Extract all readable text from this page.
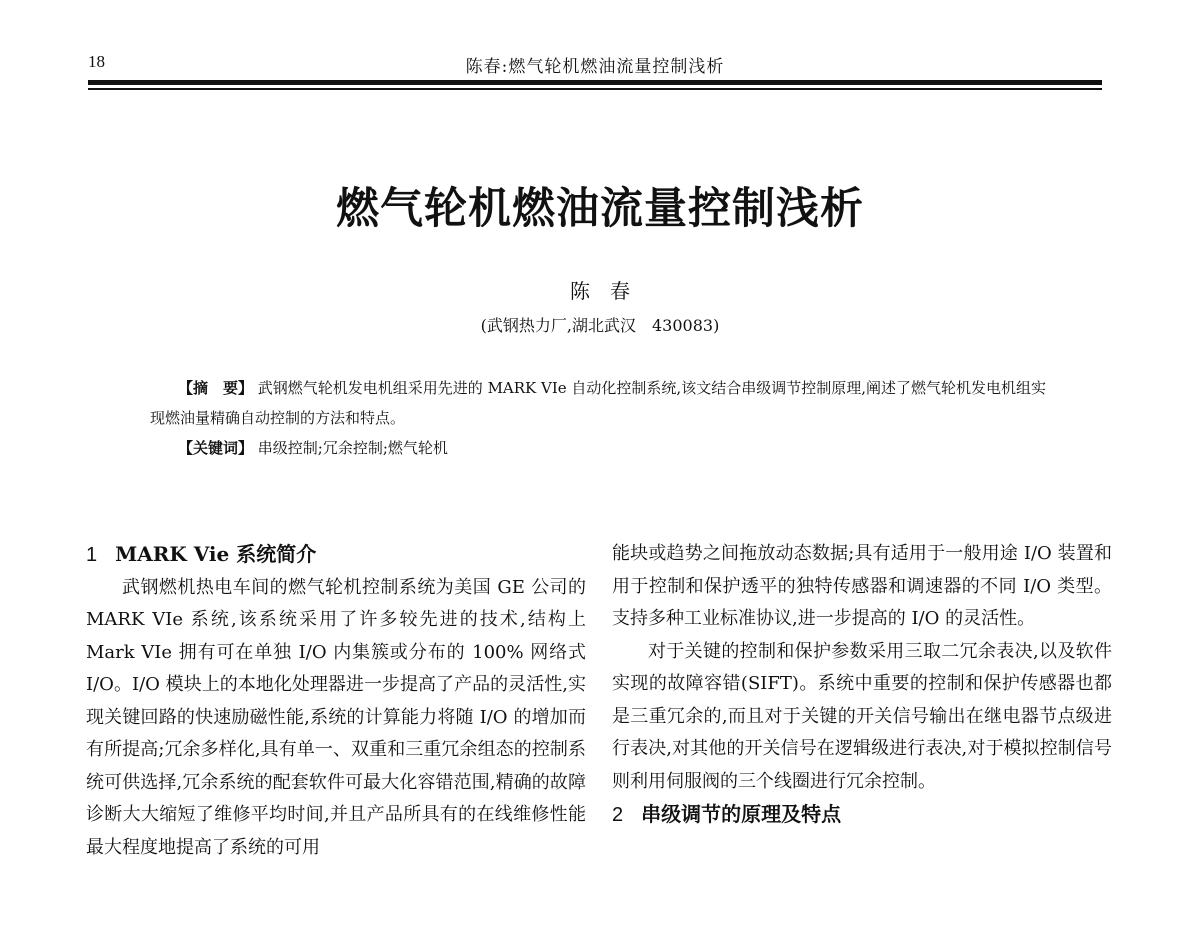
18	陈春:燃气轮机燃油流量控制浅析
燃气轮机燃油流量控制浅析
陈　春
(武钢热力厂,湖北武汉　430083)
【摘　要】 武钢燃气轮机发电机组采用先进的 MARK VIe 自动化控制系统,该文结合串级调节控制原理,阐述了燃气轮机发电机组实现燃油量精确自动控制的方法和特点。
【关键词】 串级控制;冗余控制;燃气轮机
1 MARK Vie 系统简介

武钢燃机热电车间的燃气轮机控制系统为美国 GE 公司的 MARK VIe 系统,该系统采用了许多较先进的技术,结构上 Mark VIe 拥有可在单独 I/O 内集簇或分布的 100% 网络式 I/O。I/O 模块上的本地化处理器进一步提高了产品的灵活性,实现关键回路的快速励磁性能,系统的计算能力将随 I/O 的增加而有所提高;冗余多样化,具有单一、双重和三重冗余组态的控制系统可供选择,冗余系统的配套软件可最大化容错范围,精确的故障诊断大大缩短了维修平均时间,并且产品所具有的在线维修性能最大程度地提高了系统的可用

能块或趋势之间拖放动态数据;具有适用于一般用途 I/O 装置和用于控制和保护透平的独特传感器和调速器的不同 I/O 类型。支持多种工业标准协议,进一步提高的 I/O 的灵活性。

对于关键的控制和保护参数采用三取二冗余表决,以及软件实现的故障容错(SIFT)。系统中重要的控制和保护传感器也都是三重冗余的,而且对于关键的开关信号输出在继电器节点级进行表决,对其他的开关信号在逻辑级进行表决,对于模拟控制信号则利用伺服阀的三个线圈进行冗余控制。

2 串级调节的原理及特点
